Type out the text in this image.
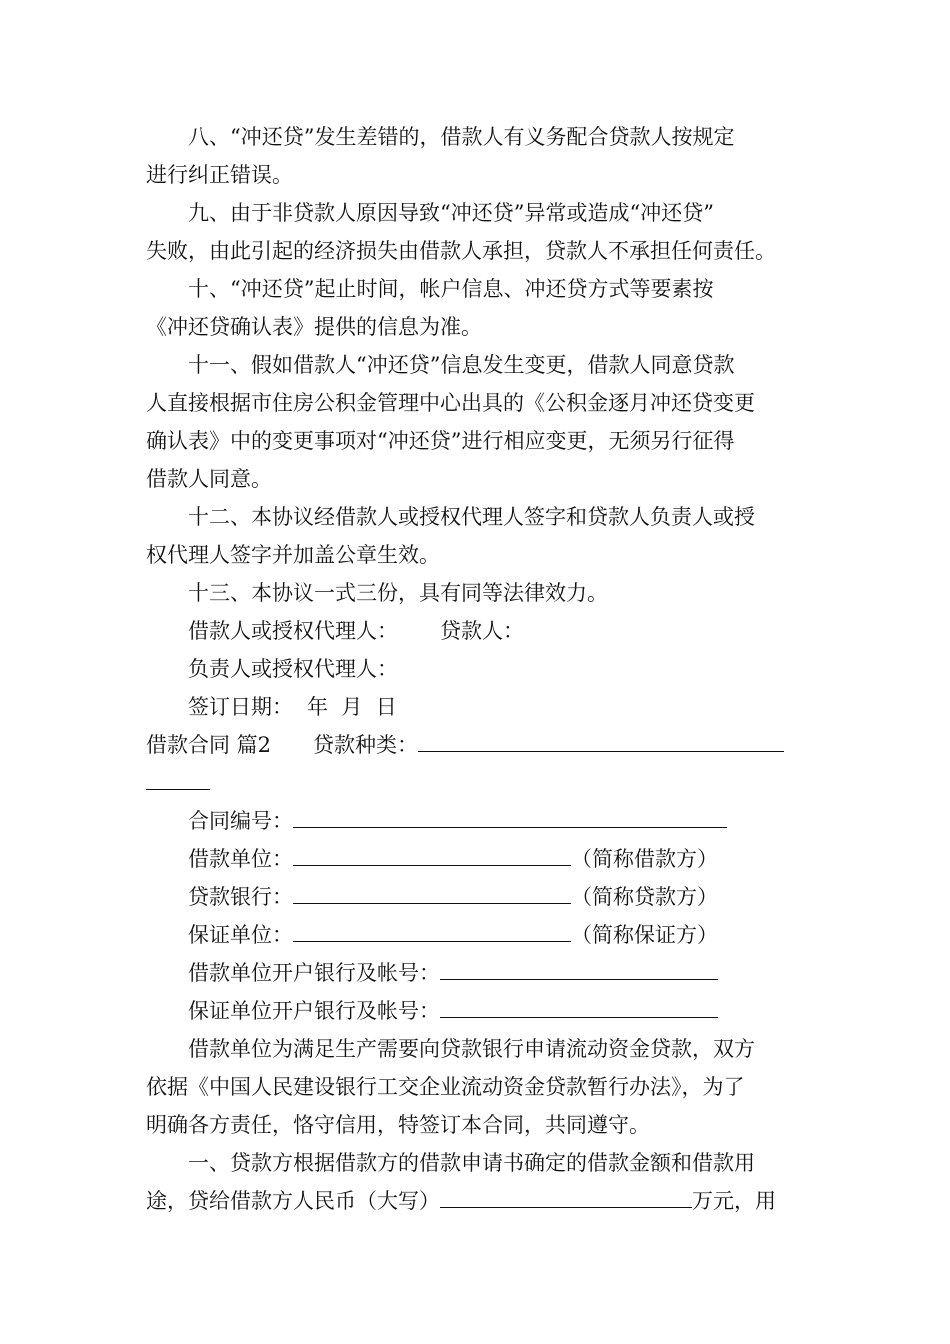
八、“冲还贷”发生差错的，借款人有义务配合贷款人按规定
进行纠正错误。
九、由于非贷款人原因导致“冲还贷”异常或造成“冲还贷”
失败，由此引起的经济损失由借款人承担，贷款人不承担任何责任。
十、“冲还贷”起止时间，帐户信息、冲还贷方式等要素按
《冲还贷确认表》提供的信息为准。
十一、假如借款人“冲还贷”信息发生变更，借款人同意贷款
人直接根据市住房公积金管理中心出具的《公积金逐月冲还贷变更
确认表》中的变更事项对“冲还贷”进行相应变更，无须另行征得
借款人同意。
十二、本协议经借款人或授权代理人签字和贷款人负责人或授
权代理人签字并加盖公章生效。
十三、本协议一式三份，具有同等法律效力。
借款人或授权代理人： 贷款人：
负责人或授权代理人：
签订日期： 年 月 日
借款合同 篇2 贷款种类：
合同编号：
借款单位：	（简称借款方）
贷款银行：	（简称贷款方）
保证单位：	（简称保证方）
借款单位开户银行及帐号：
保证单位开户银行及帐号：
借款单位为满足生产需要向贷款银行申请流动资金贷款，双方
依据《中国人民建设银行工交企业流动资金贷款暂行办法》，为了
明确各方责任，恪守信用，特签订本合同，共同遵守。
一、贷款方根据借款方的借款申请书确定的借款金额和借款用
途，贷给借款方人民币（大写）	万元，用
